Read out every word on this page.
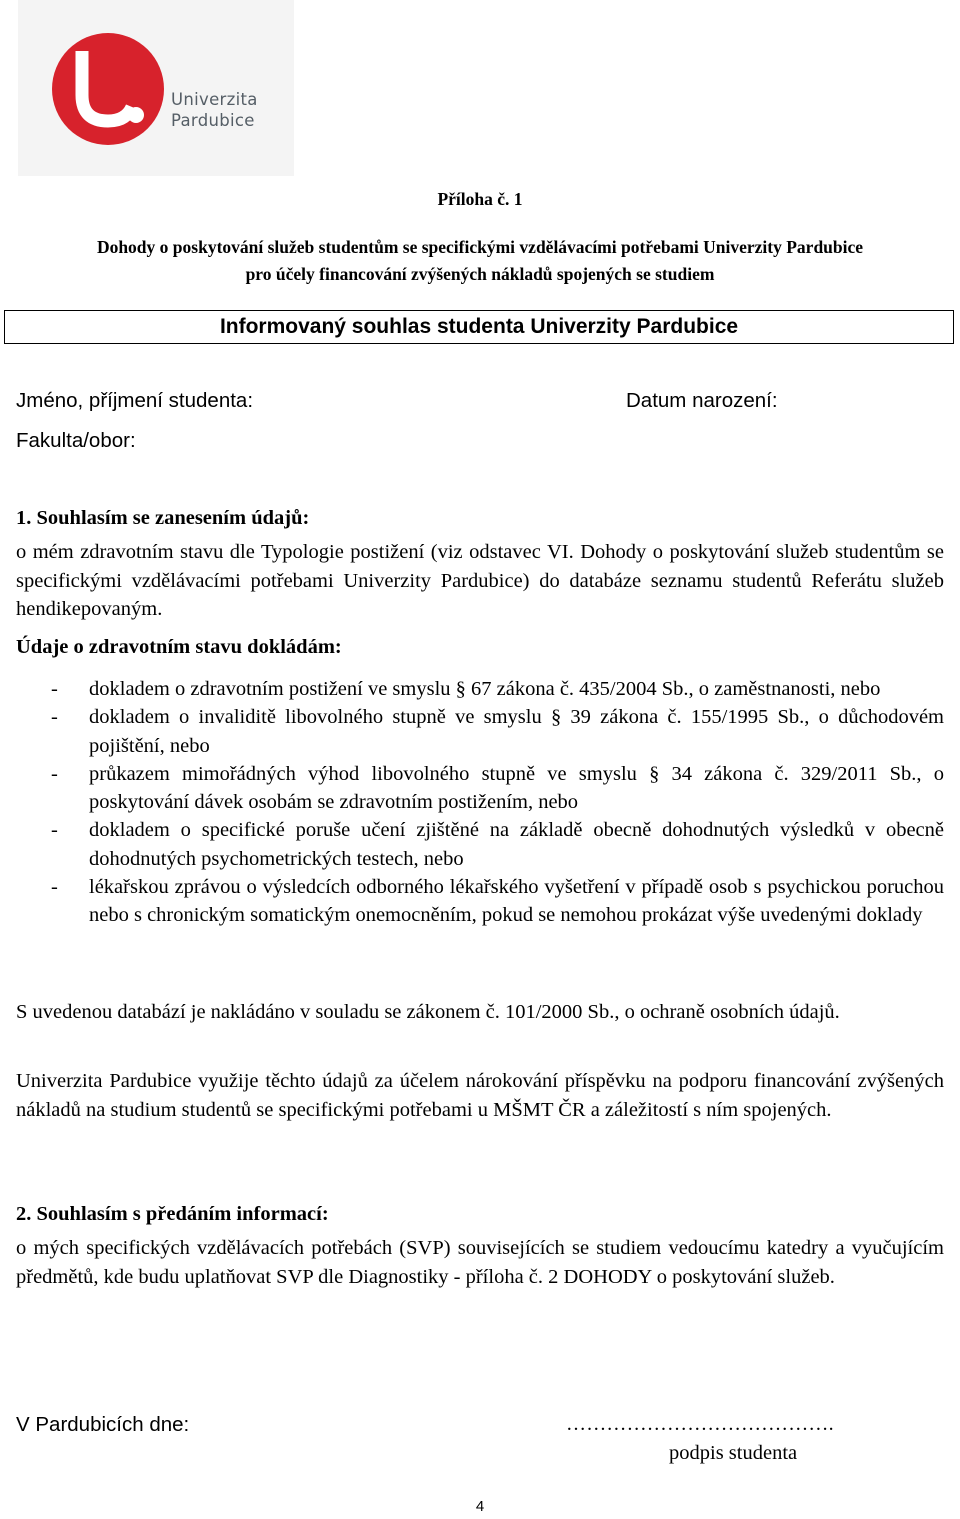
Univerzita
Pardubice
Příloha č. 1
Dohody o poskytování služeb studentům se specifickými vzdělávacími potřebami Univerzity Pardubice
pro účely financování zvýšených nákladů spojených se studiem
Informovaný souhlas studenta Univerzity Pardubice
Jméno, příjmení studenta:	Datum narození:
Fakulta/obor:
1. Souhlasím se zanesením údajů:
o mém zdravotním stavu dle Typologie postižení (viz odstavec VI. Dohody o poskytování služeb studentům se specifickými vzdělávacími potřebami Univerzity Pardubice) do databáze seznamu studentů Referátu služeb hendikepovaným.
Údaje o zdravotním stavu dokládám:
- dokladem o zdravotním postižení ve smyslu § 67 zákona č. 435/2004 Sb., o zaměstnanosti, nebo
- dokladem o invaliditě libovolného stupně ve smyslu § 39 zákona č. 155/1995 Sb., o důchodovém pojištění, nebo
- průkazem mimořádných výhod libovolného stupně ve smyslu § 34 zákona č. 329/2011 Sb., o poskytování dávek osobám se zdravotním postižením, nebo
- dokladem o specifické poruše učení zjištěné na základě obecně dohodnutých výsledků v obecně dohodnutých psychometrických testech, nebo
- lékařskou zprávou o výsledcích odborného lékařského vyšetření v případě osob s psychickou poruchou nebo s chronickým somatickým onemocněním, pokud se nemohou prokázat výše uvedenými doklady
S uvedenou databází je nakládáno v souladu se zákonem č. 101/2000 Sb., o ochraně osobních údajů.
Univerzita Pardubice využije těchto údajů za účelem nárokování příspěvku na podporu financování zvýšených nákladů na studium studentů se specifickými potřebami u MŠMT ČR a záležitostí s ním spojených.
2. Souhlasím s předáním informací:
o mých specifických vzdělávacích potřebách (SVP) souvisejících se studiem vedoucímu katedry a vyučujícím předmětů, kde budu uplatňovat SVP dle Diagnostiky - příloha č. 2 DOHODY o poskytování služeb.
V Pardubicích dne:	………………………………….
podpis studenta
4
